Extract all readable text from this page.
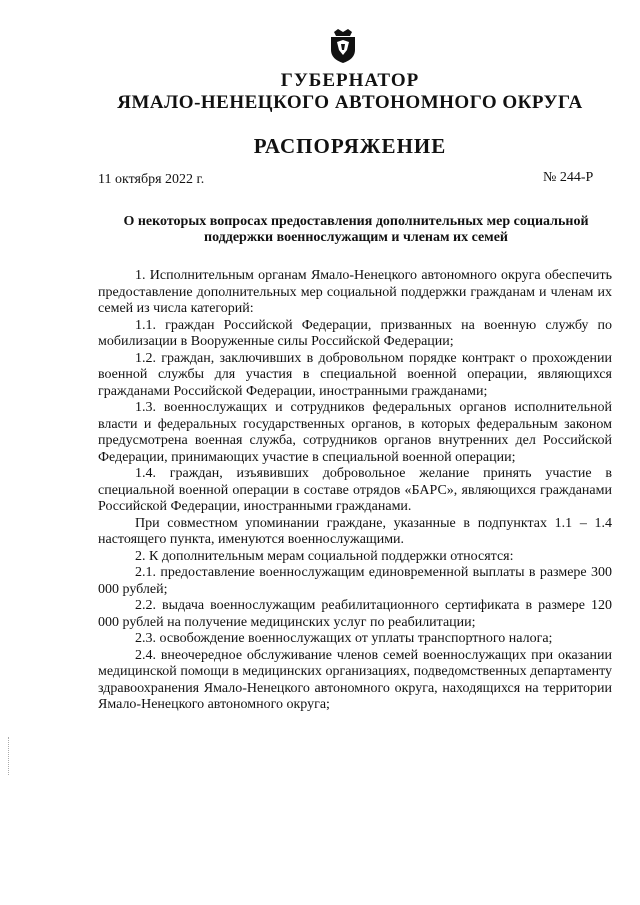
ГУБЕРНАТОР
ЯМАЛО-НЕНЕЦКОГО АВТОНОМНОГО ОКРУГА
РАСПОРЯЖЕНИЕ
11 октября 2022 г.	№ 244-Р
О некоторых вопросах предоставления дополнительных мер социальной поддержки военнослужащим и членам их семей

1. Исполнительным органам Ямало-Ненецкого автономного округа обеспечить предоставление дополнительных мер социальной поддержки гражданам и членам их семей из числа категорий:

1.1. граждан Российской Федерации, призванных на военную службу по мобилизации в Вооруженные силы Российской Федерации;

1.2. граждан, заключивших в добровольном порядке контракт о прохождении военной службы для участия в специальной военной операции, являющихся гражданами Российской Федерации, иностранными гражданами;

1.3. военнослужащих и сотрудников федеральных органов исполнительной власти и федеральных государственных органов, в которых федеральным законом предусмотрена военная служба, сотрудников органов внутренних дел Российской Федерации, принимающих участие в специальной военной операции;

1.4. граждан, изъявивших добровольное желание принять участие в специальной военной операции в составе отрядов «БАРС», являющихся гражданами Российской Федерации, иностранными гражданами.

При совместном упоминании граждане, указанные в подпунктах 1.1 – 1.4 настоящего пункта, именуются военнослужащими.

2. К дополнительным мерам социальной поддержки относятся:

2.1. предоставление военнослужащим единовременной выплаты в размере 300 000 рублей;

2.2. выдача военнослужащим реабилитационного сертификата в размере 120 000 рублей на получение медицинских услуг по реабилитации;

2.3. освобождение военнослужащих от уплаты транспортного налога;

2.4. внеочередное обслуживание членов семей военнослужащих при оказании медицинской помощи в медицинских организациях, подведомственных департаменту здравоохранения Ямало-Ненецкого автономного округа, находящихся на территории Ямало-Ненецкого автономного округа;
